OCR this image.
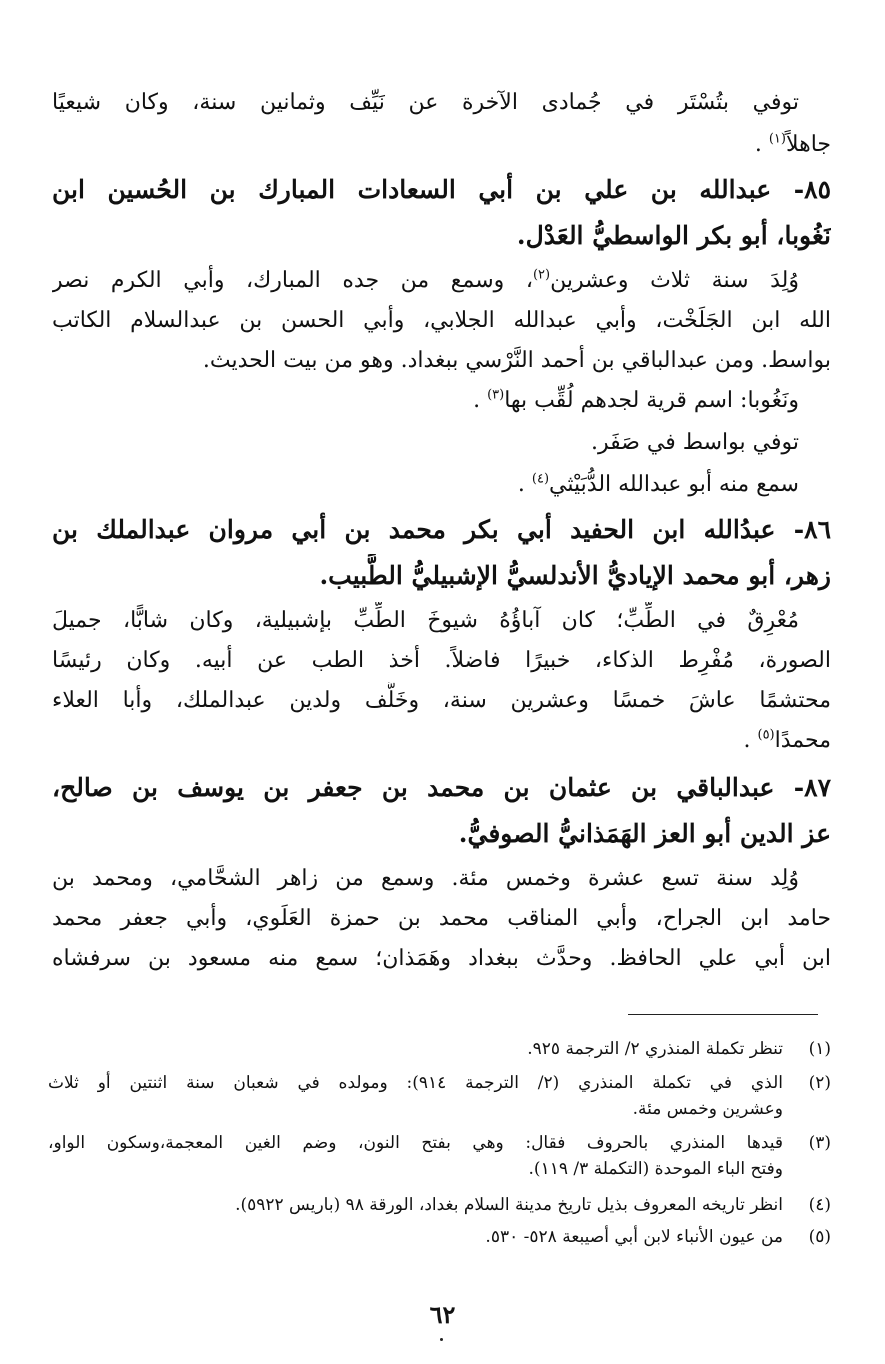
توفي بتُسْتَر في جُمادى الآخرة عن نَيِّف وثمانين سنة، وكان شيعيًا
جاهلاً$^{(١)}$ .
٨٥- عبدالله بن علي بن أبي السعادات المبارك بن الحُسين ابن
نَغُوبا، أبو بكر الواسطيُّ العَدْل.
وُلِدَ سنة ثلاث وعشرين$^{(٢)}$، وسمع من جده المبارك، وأبي الكرم نصر
الله ابن الجَلَخْت، وأبي عبدالله الجلابي، وأبي الحسن بن عبدالسلام الكاتب
بواسط. ومن عبدالباقي بن أحمد النَّرْسي ببغداد. وهو من بيت الحديث.
ونَغُوبا: اسم قرية لجدهم لُقِّب بها$^{(٣)}$ .
توفي بواسط في صَفَر.
سمع منه أبو عبدالله الدُّبَيْثي$^{(٤)}$ .
٨٦- عبدُالله ابن الحفيد أبي بكر محمد بن أبي مروان عبدالملك بن
زهر، أبو محمد الإياديُّ الأندلسيُّ الإشبيليُّ الطَّبيب.
مُعْرِقٌ في الطِّبِّ؛ كان آباؤُهُ شيوخَ الطِّبِّ بإشبيلية، وكان شابًّا، جميلَ
الصورة، مُفْرِط الذكاء، خبيرًا فاضلاً. أخذ الطب عن أبيه. وكان رئيسًا
محتشمًا عاشَ خمسًا وعشرين سنة، وخَلَّف ولدين عبدالملك، وأبا العلاء
محمدًا$^{(٥)}$ .
٨٧- عبدالباقي بن عثمان بن محمد بن جعفر بن يوسف بن صالح،
عز الدين أبو العز الهَمَذانيُّ الصوفيُّ.
وُلِد سنة تسع عشرة وخمس مئة. وسمع من زاهر الشحَّامي، ومحمد بن
حامد ابن الجراح، وأبي المناقب محمد بن حمزة العَلَوي، وأبي جعفر محمد
ابن أبي علي الحافظ. وحدَّث ببغداد وهَمَذان؛ سمع منه مسعود بن سرفشاه
(١)
تنظر تكملة المنذري ٢/ الترجمة ٩٢٥.
(٢)
الذي في تكملة المنذري (٢/ الترجمة ٩١٤): ومولده في شعبان سنة اثنتين أو ثلاث
وعشرين وخمس مئة.
(٣)
قيدها المنذري بالحروف فقال: وهي بفتح النون، وضم الغين المعجمة،وسكون الواو،
وفتح الباء الموحدة (التكملة ٣/ ١١٩).
(٤)
انظر تاريخه المعروف بذيل تاريخ مدينة السلام بغداد، الورقة ٩٨ (باريس ٥٩٢٢).
(٥)
من عيون الأنباء لابن أبي أصيبعة ٥٢٨- ٥٣٠.
٦٢
